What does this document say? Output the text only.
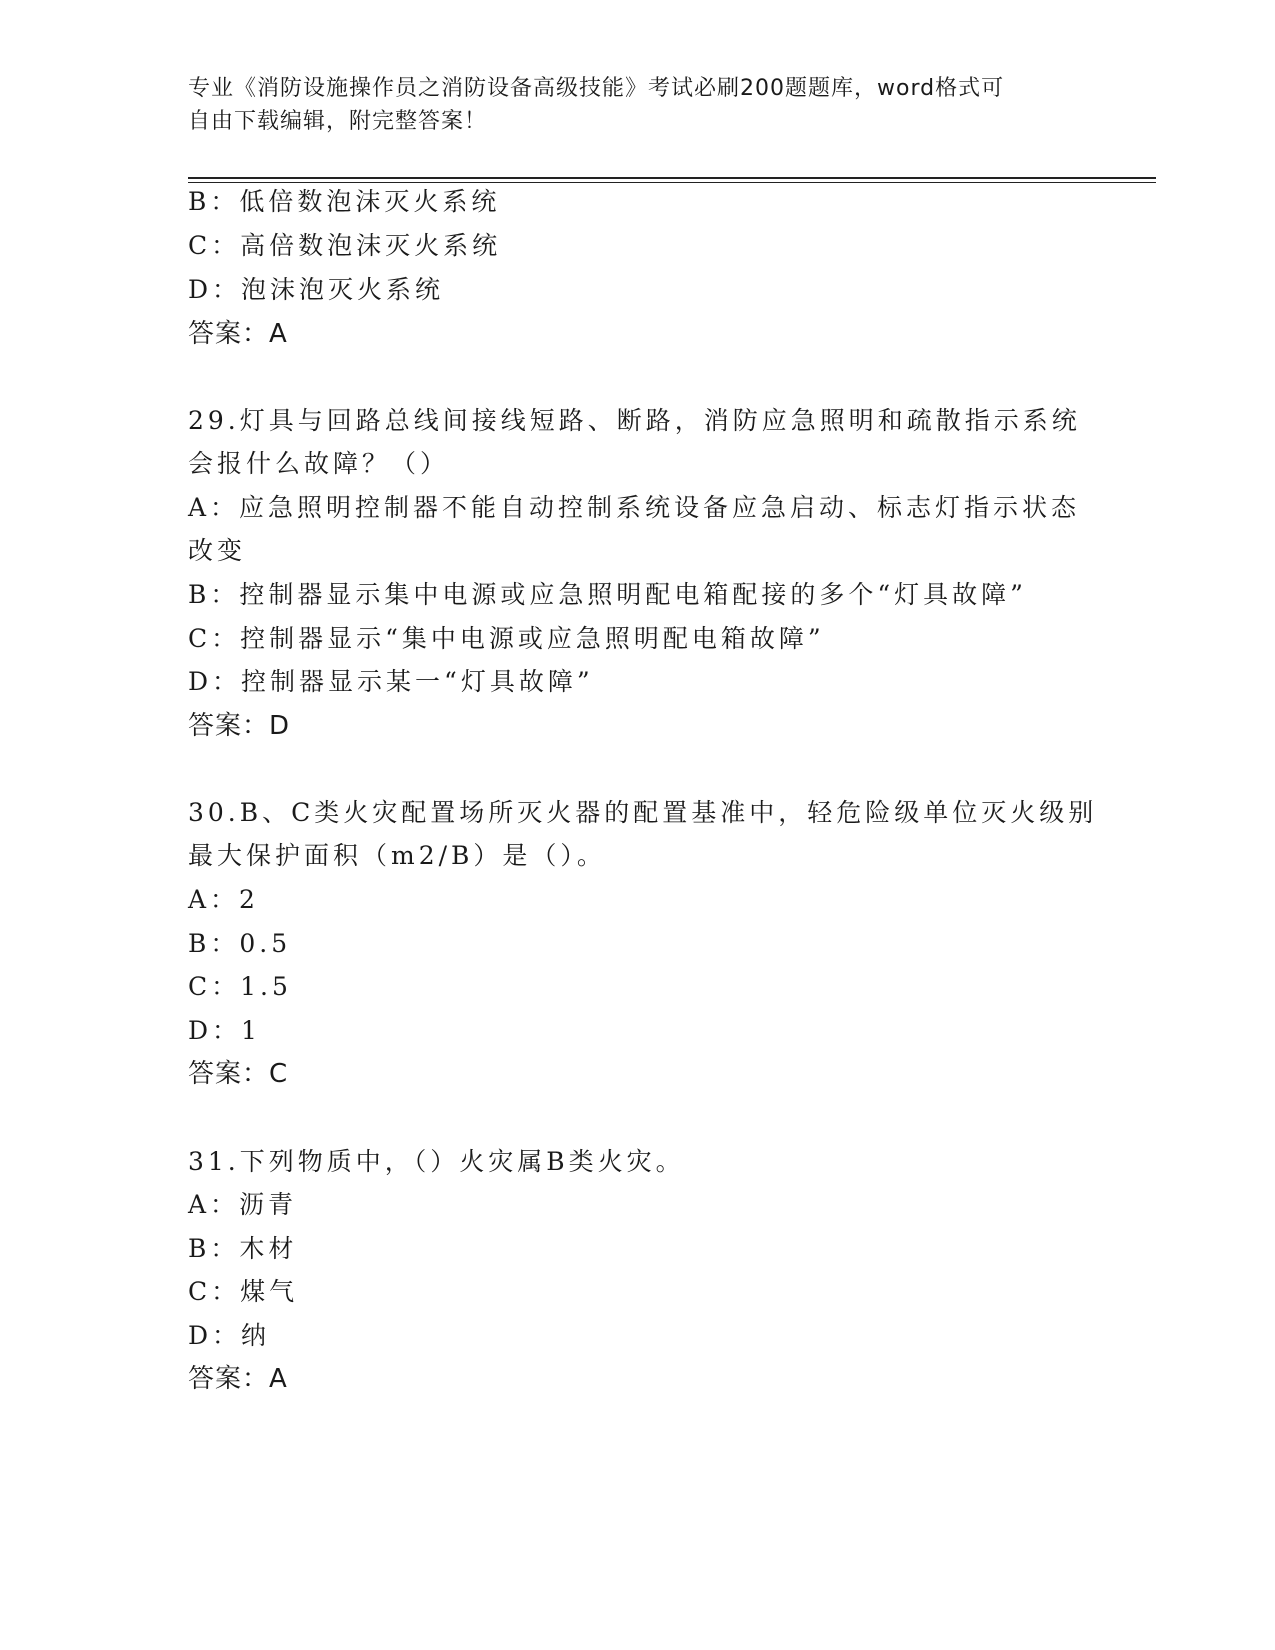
专业《消防设施操作员之消防设备高级技能》考试必刷200题题库，word格式可
自由下载编辑，附完整答案！
B：低倍数泡沫灭火系统
C：高倍数泡沫灭火系统
D：泡沫泡灭火系统
答案：A
29.灯具与回路总线间接线短路、断路，消防应急照明和疏散指示系统
会报什么故障？（）
A：应急照明控制器不能自动控制系统设备应急启动、标志灯指示状态
改变
B：控制器显示集中电源或应急照明配电箱配接的多个“灯具故障”
C：控制器显示“集中电源或应急照明配电箱故障”
D：控制器显示某一“灯具故障”
答案：D
30.B、C类火灾配置场所灭火器的配置基准中，轻危险级单位灭火级别
最大保护面积（m2/B）是（）。
A：2
B：0.5
C：1.5
D：1
答案：C
31.下列物质中，（）火灾属B类火灾。
A：沥青
B：木材
C：煤气
D：纳
答案：A
